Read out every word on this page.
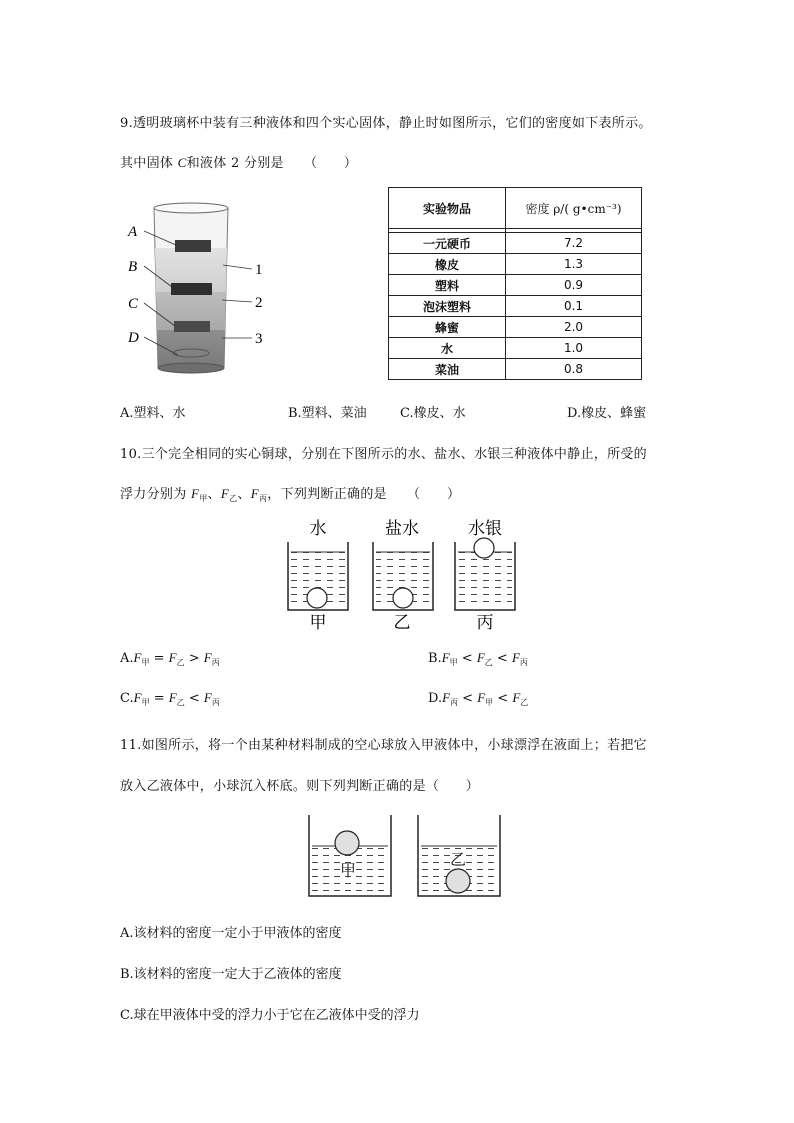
9.透明玻璃杯中装有三种液体和四个实心固体，静止时如图所示，它们的密度如下表所示。
其中固体 C和液体 2 分别是　　（　　）
A
B
C
D
1
2
3
实验物品	密度 ρ/( g•cm⁻³)

一元硬币	7.2
橡皮	1.3
塑料	0.9
泡沫塑料	0.1
蜂蜜	2.0
水	1.0
菜油	0.8
A.塑料、水	B.塑料、菜油	C.橡皮、水	D.橡皮、蜂蜜
10.三个完全相同的实心铜球，分别在下图所示的水、盐水、水银三种液体中静止，所受的
浮力分别为 $F_甲$、$F_乙$、$F_丙$，下列判断正确的是　　（　　）
水	盐水	水银
甲	乙	丙
$A.F_甲 = F_乙 > F_丙$	$B.F_甲 < F_乙 < F_丙$
$C.F_甲 = F_乙 < F_丙$	$D.F_丙 < F_甲 < F_乙$
11.如图所示，将一个由某种材料制成的空心球放入甲液体中，小球漂浮在液面上；若把它
放入乙液体中，小球沉入杯底。则下列判断正确的是（　　）
甲
乙
A.该材料的密度一定小于甲液体的密度
B.该材料的密度一定大于乙液体的密度
C.球在甲液体中受的浮力小于它在乙液体中受的浮力
